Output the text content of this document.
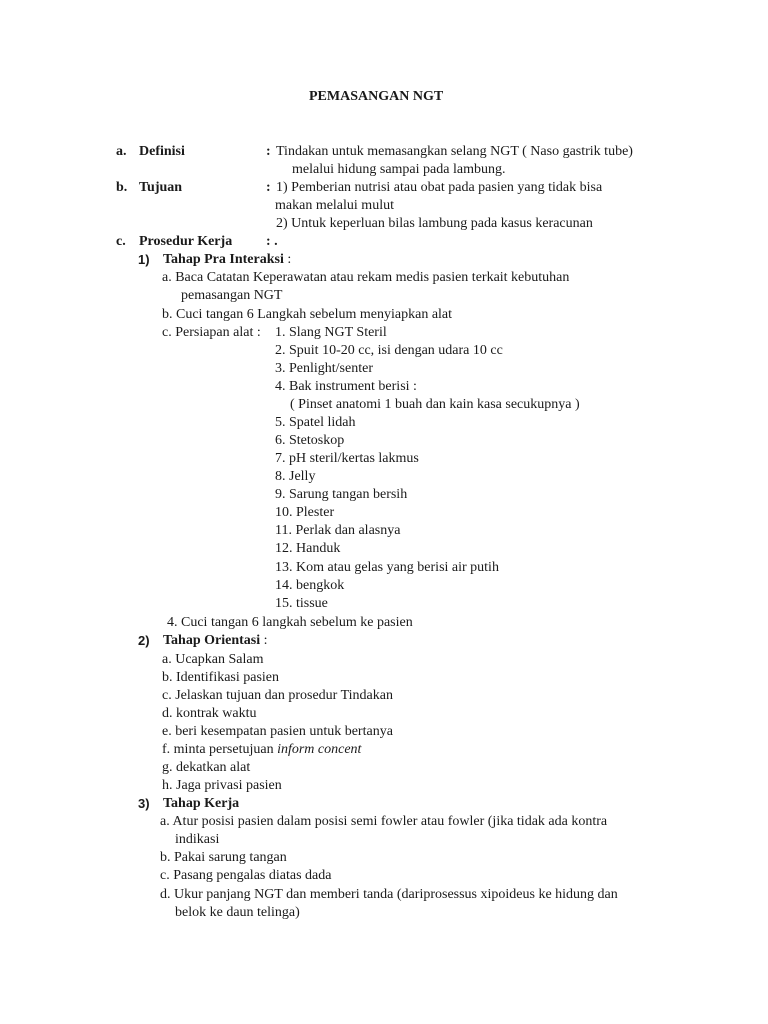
PEMASANGAN NGT
a. Definisi	: Tindakan untuk memasangkan selang NGT ( Naso gastrik tube)
melalui hidung sampai pada lambung.
b. Tujuan	: 1) Pemberian nutrisi atau obat pada pasien yang tidak bisa
makan melalui mulut
2) Untuk keperluan bilas lambung pada kasus keracunan
c. Prosedur Kerja : .
1) Tahap Pra Interaksi :
a. Baca Catatan Keperawatan atau rekam medis pasien terkait kebutuhan
pemasangan NGT
b. Cuci tangan 6 Langkah sebelum menyiapkan alat
c. Persiapan alat : 1. Slang NGT Steril
2. Spuit 10-20 cc, isi dengan udara 10 cc
3. Penlight/senter
4. Bak instrument berisi :
( Pinset anatomi 1 buah dan kain kasa secukupnya )
5. Spatel lidah
6. Stetoskop
7. pH steril/kertas lakmus
8. Jelly
9. Sarung tangan bersih
10. Plester
11. Perlak dan alasnya
12. Handuk
13. Kom atau gelas yang berisi air putih
14. bengkok
15. tissue
4. Cuci tangan 6 langkah sebelum ke pasien
2) Tahap Orientasi :
a. Ucapkan Salam
b. Identifikasi pasien
c. Jelaskan tujuan dan prosedur Tindakan
d. kontrak waktu
e. beri kesempatan pasien untuk bertanya
f. minta persetujuan inform concent
g. dekatkan alat
h. Jaga privasi pasien
3) Tahap Kerja
a. Atur posisi pasien dalam posisi semi fowler atau fowler (jika tidak ada kontra
indikasi
b. Pakai sarung tangan
c. Pasang pengalas diatas dada
d. Ukur panjang NGT dan memberi tanda (dariprosessus xipoideus ke hidung dan
belok ke daun telinga)
